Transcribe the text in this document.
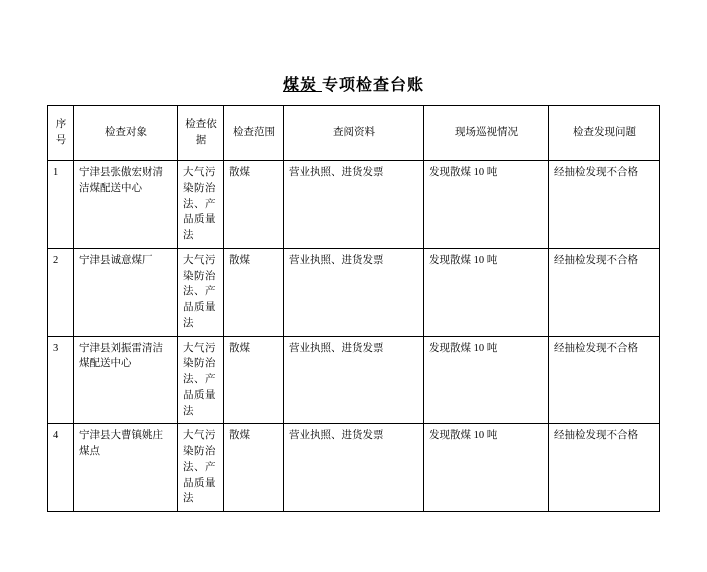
煤炭 专项检查台账
序号	检查对象	检查依据	检查范围	查阅资料	现场巡视情况	检查发现问题
1	宁津县张傲宏财清洁煤配送中心	大气污染防治法、产品质量法	散煤	营业执照、进货发票	发现散煤 10 吨	经抽检发现不合格
2	宁津县诚意煤厂	大气污染防治法、产品质量法	散煤	营业执照、进货发票	发现散煤 10 吨	经抽检发现不合格
3	宁津县刘振雷清洁煤配送中心	大气污染防治法、产品质量法	散煤	营业执照、进货发票	发现散煤 10 吨	经抽检发现不合格
4	宁津县大曹镇姚庄煤点	大气污染防治法、产品质量法	散煤	营业执照、进货发票	发现散煤 10 吨	经抽检发现不合格
